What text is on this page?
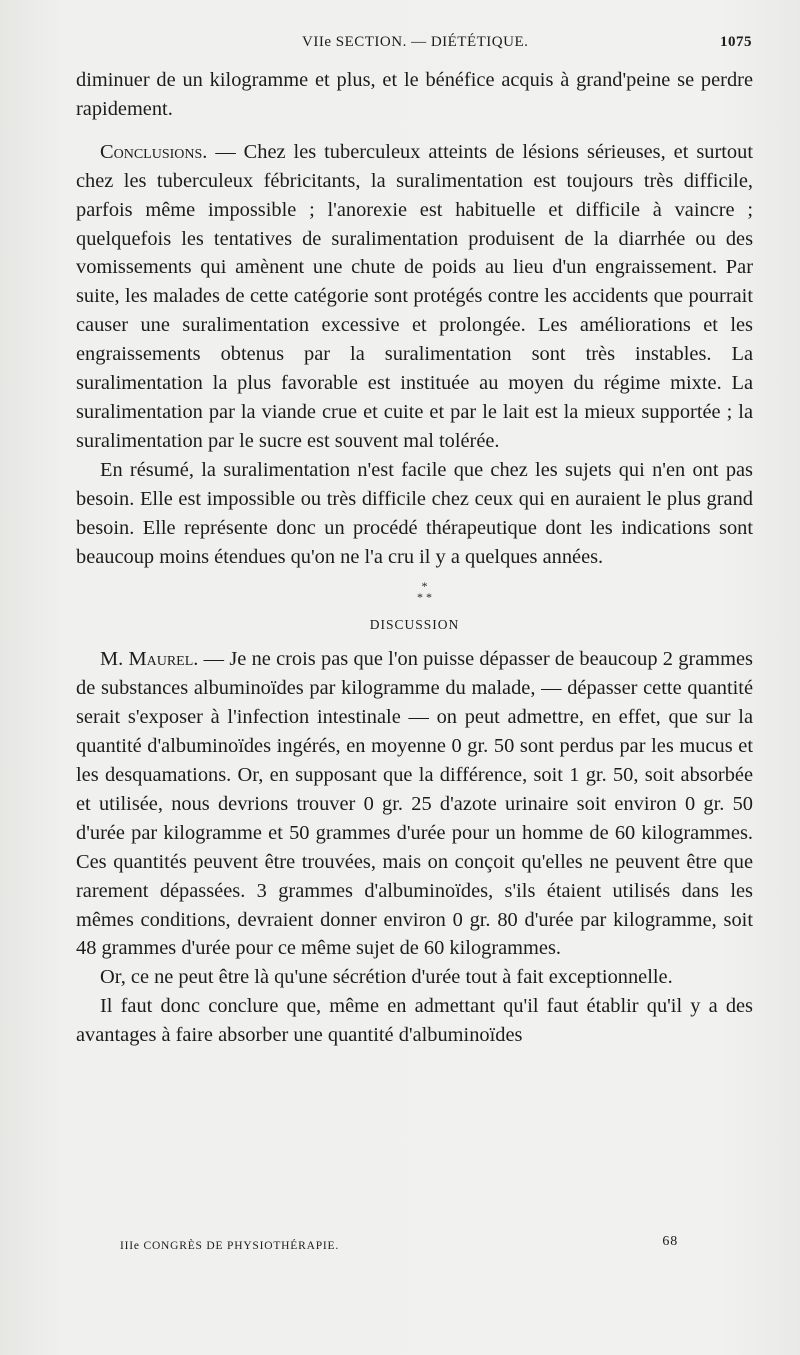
VIIe SECTION. — DIÉTÉTIQUE.	1075

diminuer de un kilogramme et plus, et le bénéfice acquis à grand'peine se perdre rapidement.

Conclusions. — Chez les tuberculeux atteints de lésions sérieuses, et surtout chez les tuberculeux fébricitants, la suralimentation est toujours très difficile, parfois même impossible ; l'anorexie est habituelle et difficile à vaincre ; quelquefois les tentatives de suralimentation produisent de la diarrhée ou des vomissements qui amènent une chute de poids au lieu d'un engraissement. Par suite, les malades de cette catégorie sont protégés contre les accidents que pourrait causer une suralimentation excessive et prolongée. Les améliorations et les engraissements obtenus par la suralimentation sont très instables. La suralimentation la plus favorable est instituée au moyen du régime mixte. La suralimentation par la viande crue et cuite et par le lait est la mieux supportée ; la suralimentation par le sucre est souvent mal tolérée.

En résumé, la suralimentation n'est facile que chez les sujets qui n'en ont pas besoin. Elle est impossible ou très difficile chez ceux qui en auraient le plus grand besoin. Elle représente donc un procédé thérapeutique dont les indications sont beaucoup moins étendues qu'on ne l'a cru il y a quelques années.

*
* *
DISCUSSION

M. Maurel. — Je ne crois pas que l'on puisse dépasser de beaucoup 2 grammes de substances albuminoïdes par kilogramme du malade, — dépasser cette quantité serait s'exposer à l'infection intestinale — on peut admettre, en effet, que sur la quantité d'albuminoïdes ingérés, en moyenne 0 gr. 50 sont perdus par les mucus et les desquamations. Or, en supposant que la différence, soit 1 gr. 50, soit absorbée et utilisée, nous devrions trouver 0 gr. 25 d'azote urinaire soit environ 0 gr. 50 d'urée par kilogramme et 50 grammes d'urée pour un homme de 60 kilogrammes. Ces quantités peuvent être trouvées, mais on conçoit qu'elles ne peuvent être que rarement dépassées. 3 grammes d'albuminoïdes, s'ils étaient utilisés dans les mêmes conditions, devraient donner environ 0 gr. 80 d'urée par kilogramme, soit 48 grammes d'urée pour ce même sujet de 60 kilogrammes.

Or, ce ne peut être là qu'une sécrétion d'urée tout à fait exceptionnelle.

Il faut donc conclure que, même en admettant qu'il faut établir qu'il y a des avantages à faire absorber une quantité d'albuminoïdes

IIIe CONGRÈS DE PHYSIOTHÉRAPIE.	68
